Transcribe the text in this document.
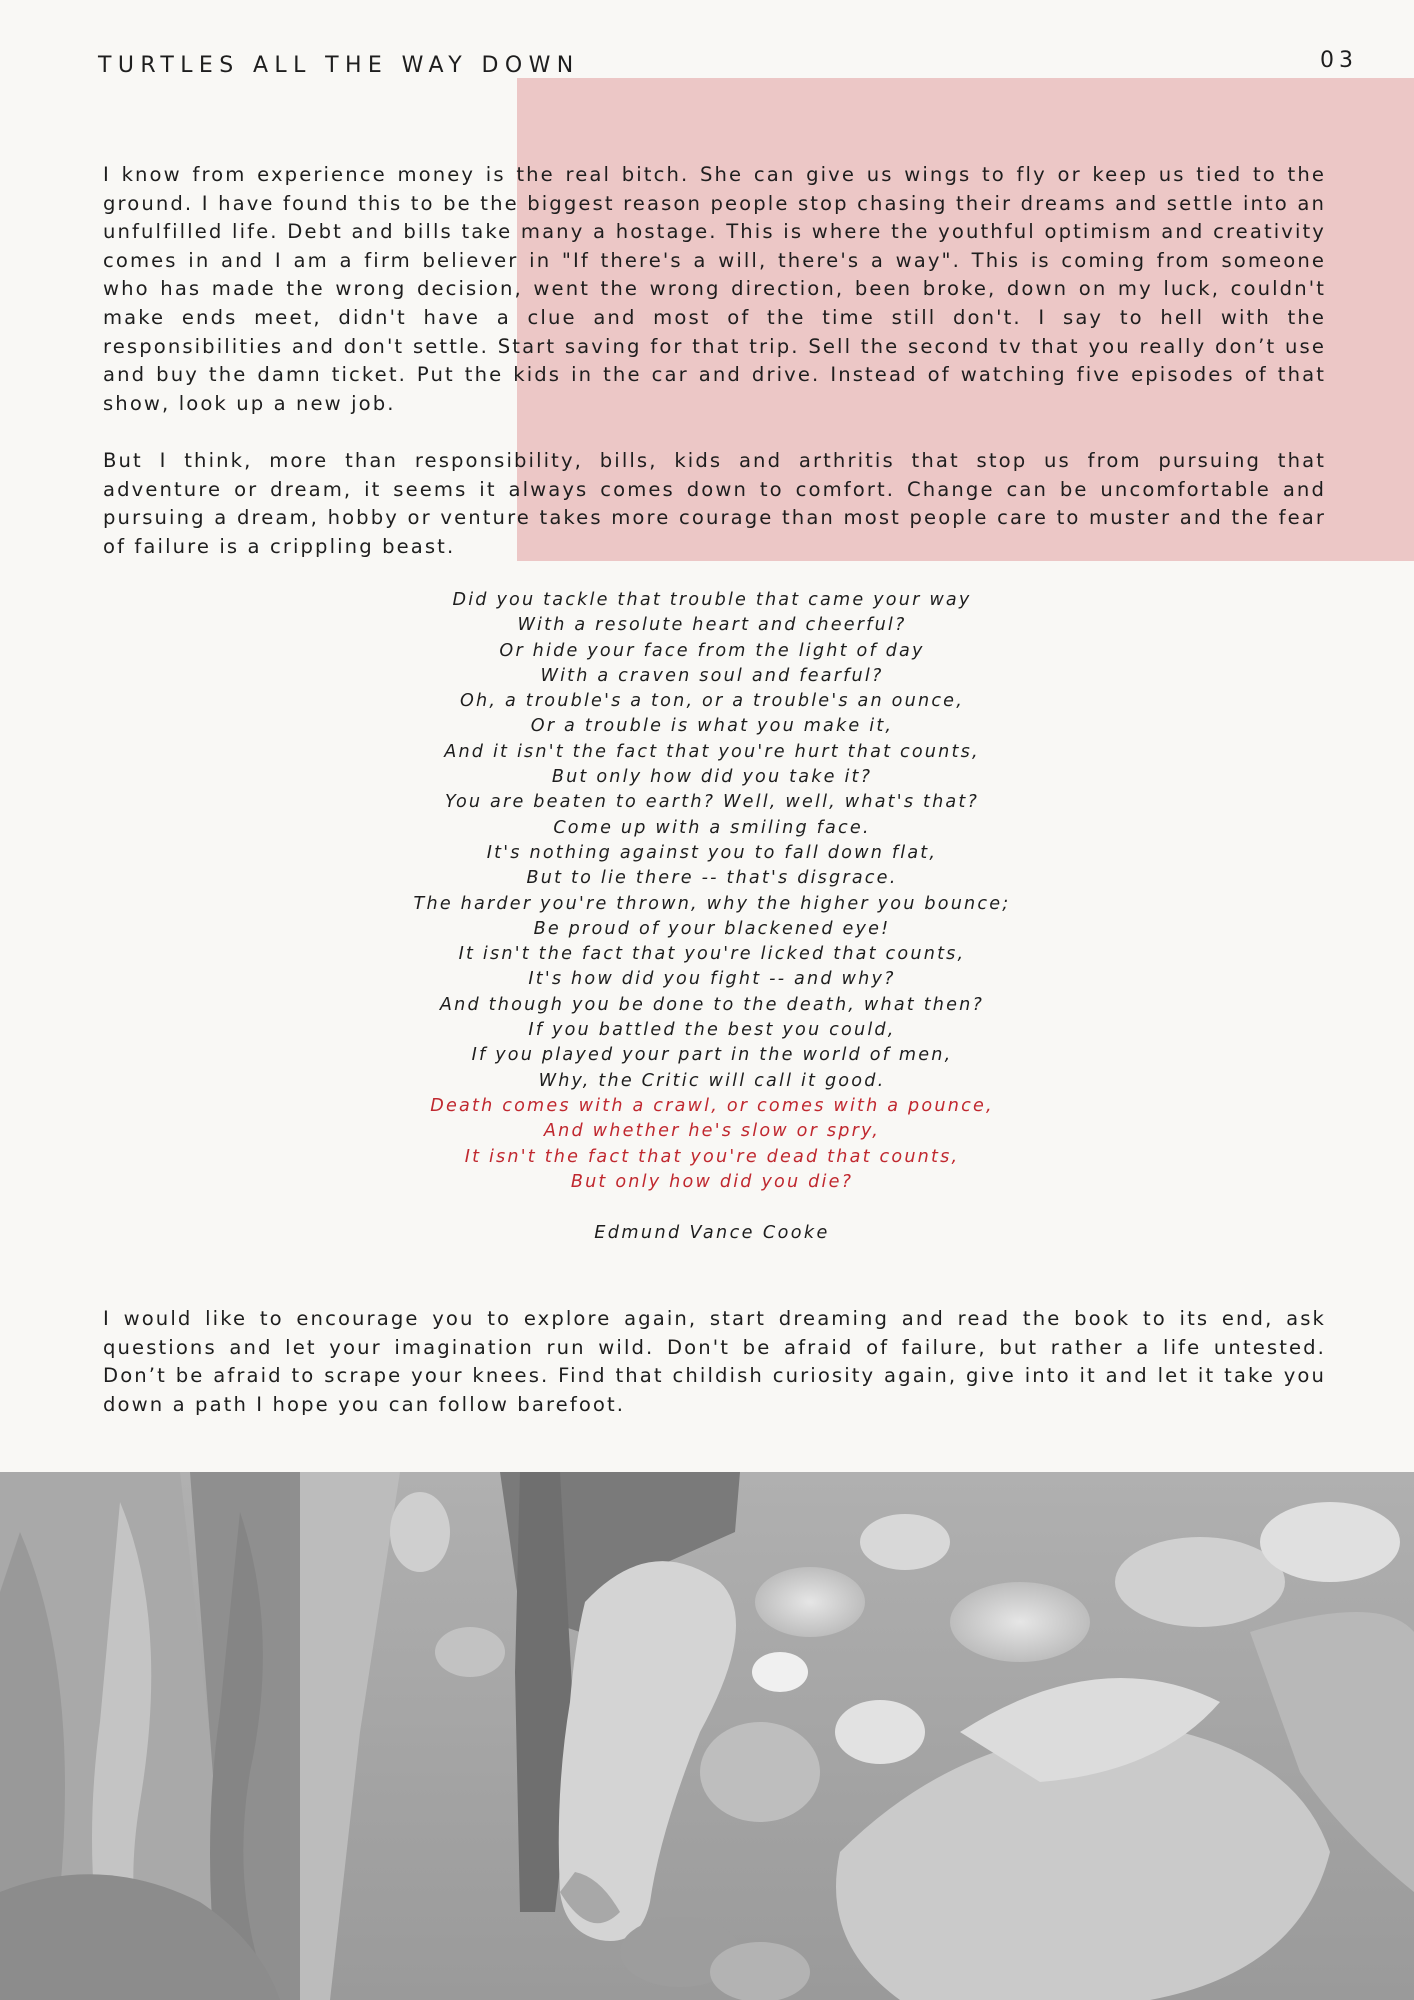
TURTLES ALL THE WAY DOWN	03

I know from experience money is the real bitch. She can give us wings to fly or keep us tied to the ground. I have found this to be the biggest reason people stop chasing their dreams and settle into an unfulfilled life. Debt and bills take many a hostage. This is where the youthful optimism and creativity comes in and I am a firm believer in "If there's a will, there's a way". This is coming from someone who has made the wrong decision, went the wrong direction, been broke, down on my luck, couldn't make ends meet, didn't have a clue and most of the time still don't. I say to hell with the responsibilities and don't settle. Start saving for that trip. Sell the second tv that you really don’t use and buy the damn ticket. Put the kids in the car and drive. Instead of watching five episodes of that show, look up a new job.

But I think, more than responsibility, bills, kids and arthritis that stop us from pursuing that adventure or dream, it seems it always comes down to comfort. Change can be uncomfortable and pursuing a dream, hobby or venture takes more courage than most people care to muster and the fear of failure is a crippling beast.

Did you tackle that trouble that came your way
With a resolute heart and cheerful?
Or hide your face from the light of day
With a craven soul and fearful?
Oh, a trouble's a ton, or a trouble's an ounce,
Or a trouble is what you make it,
And it isn't the fact that you're hurt that counts,
But only how did you take it?
You are beaten to earth? Well, well, what's that?
Come up with a smiling face.
It's nothing against you to fall down flat,
But to lie there -- that's disgrace.
The harder you're thrown, why the higher you bounce;
Be proud of your blackened eye!
It isn't the fact that you're licked that counts,
It's how did you fight -- and why?
And though you be done to the death, what then?
If you battled the best you could,
If you played your part in the world of men,
Why, the Critic will call it good.
Death comes with a crawl, or comes with a pounce,
And whether he's slow or spry,
It isn't the fact that you're dead that counts,
But only how did you die?
Edmund Vance Cooke

I would like to encourage you to explore again, start dreaming and read the book to its end, ask questions and let your imagination run wild. Don't be afraid of failure, but rather a life untested. Don’t be afraid to scrape your knees. Find that childish curiosity again, give into it and let it take you down a path I hope you can follow barefoot.
